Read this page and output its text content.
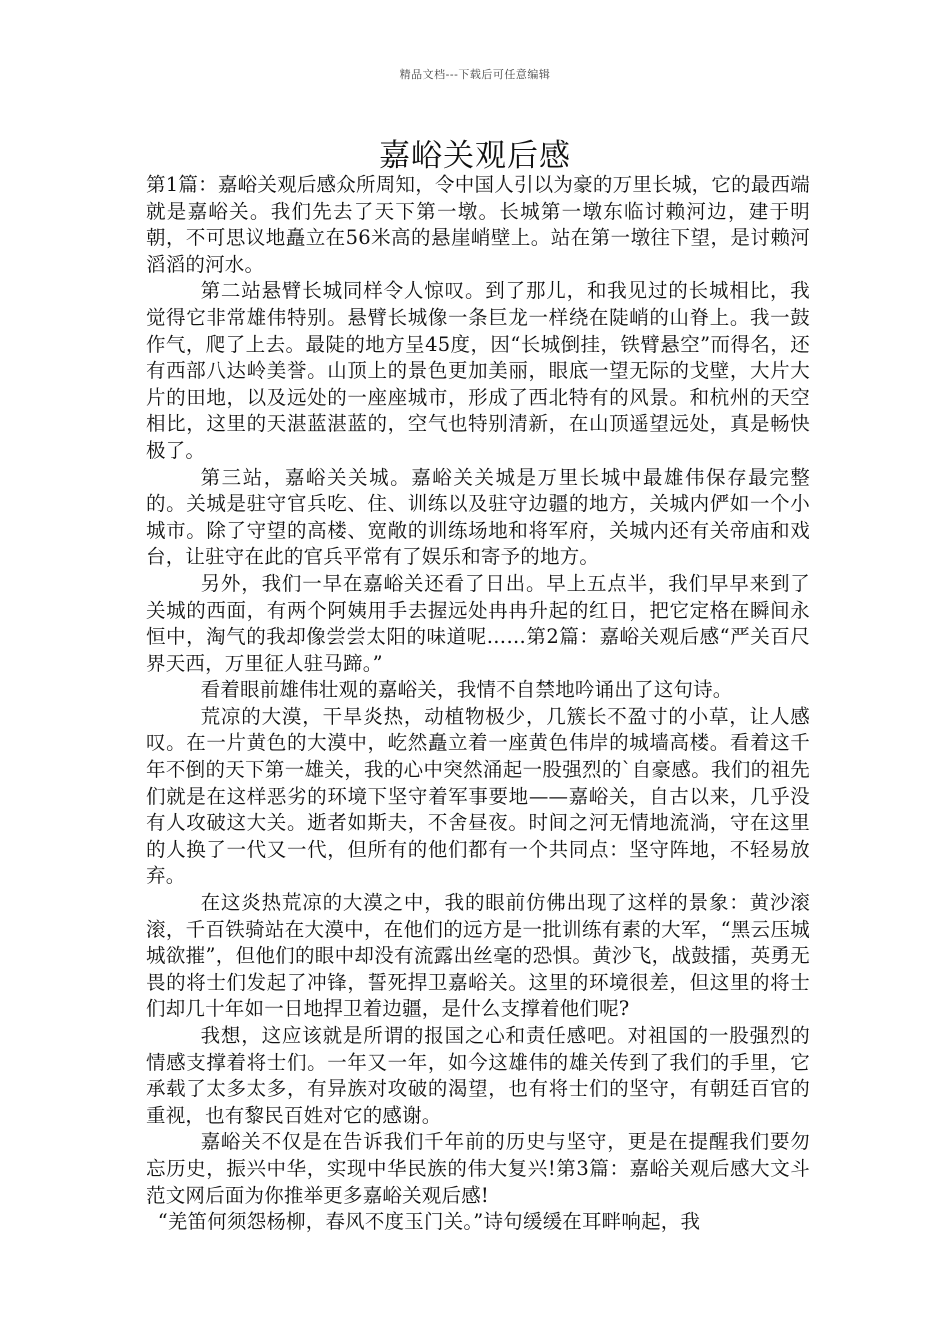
精品文档---下载后可任意编辑
嘉峪关观后感

第1篇：嘉峪关观后感众所周知，令中国人引以为豪的万里长城，它的最西端就是嘉峪关。我们先去了天下第一墩。长城第一墩东临讨赖河边，建于明朝，不可思议地矗立在56米高的悬崖峭壁上。站在第一墩往下望，是讨赖河滔滔的河水。

第二站悬臂长城同样令人惊叹。到了那儿，和我见过的长城相比，我觉得它非常雄伟特别。悬臂长城像一条巨龙一样绕在陡峭的山脊上。我一鼓作气，爬了上去。最陡的地方呈45度，因“长城倒挂，铁臂悬空”而得名，还有西部八达岭美誉。山顶上的景色更加美丽，眼底一望无际的戈壁，大片大片的田地，以及远处的一座座城市，形成了西北特有的风景。和杭州的天空相比，这里的天湛蓝湛蓝的，空气也特别清新，在山顶遥望远处，真是畅快极了。

第三站，嘉峪关关城。嘉峪关关城是万里长城中最雄伟保存最完整的。关城是驻守官兵吃、住、训练以及驻守边疆的地方，关城内俨如一个小城市。除了守望的高楼、宽敞的训练场地和将军府，关城内还有关帝庙和戏台，让驻守在此的官兵平常有了娱乐和寄予的地方。

另外，我们一早在嘉峪关还看了日出。早上五点半，我们早早来到了关城的西面，有两个阿姨用手去握远处冉冉升起的红日，把它定格在瞬间永恒中，淘气的我却像尝尝太阳的味道呢……第2篇：嘉峪关观后感“严关百尺界天西，万里征人驻马蹄。”

看着眼前雄伟壮观的嘉峪关，我情不自禁地吟诵出了这句诗。

荒凉的大漠，干旱炎热，动植物极少，几簇长不盈寸的小草，让人感叹。在一片黄色的大漠中，屹然矗立着一座黄色伟岸的城墙高楼。看着这千年不倒的天下第一雄关，我的心中突然涌起一股强烈的`自豪感。我们的祖先们就是在这样恶劣的环境下坚守着军事要地——嘉峪关，自古以来，几乎没有人攻破这大关。逝者如斯夫，不舍昼夜。时间之河无情地流淌，守在这里的人换了一代又一代，但所有的他们都有一个共同点：坚守阵地，不轻易放弃。

在这炎热荒凉的大漠之中，我的眼前仿佛出现了这样的景象：黄沙滚滚，千百铁骑站在大漠中，在他们的远方是一批训练有素的大军，“黑云压城城欲摧”，但他们的眼中却没有流露出丝毫的恐惧。黄沙飞，战鼓擂，英勇无畏的将士们发起了冲锋，誓死捍卫嘉峪关。这里的环境很差，但这里的将士们却几十年如一日地捍卫着边疆，是什么支撑着他们呢?

我想，这应该就是所谓的报国之心和责任感吧。对祖国的一股强烈的情感支撑着将士们。一年又一年，如今这雄伟的雄关传到了我们的手里，它承载了太多太多，有异族对攻破的渴望，也有将士们的坚守，有朝廷百官的重视，也有黎民百姓对它的感谢。

嘉峪关不仅是在告诉我们千年前的历史与坚守，更是在提醒我们要勿忘历史，振兴中华，实现中华民族的伟大复兴!第3篇：嘉峪关观后感大文斗范文网后面为你推举更多嘉峪关观后感!

“羌笛何须怨杨柳，春风不度玉门关。”诗句缓缓在耳畔响起，我
